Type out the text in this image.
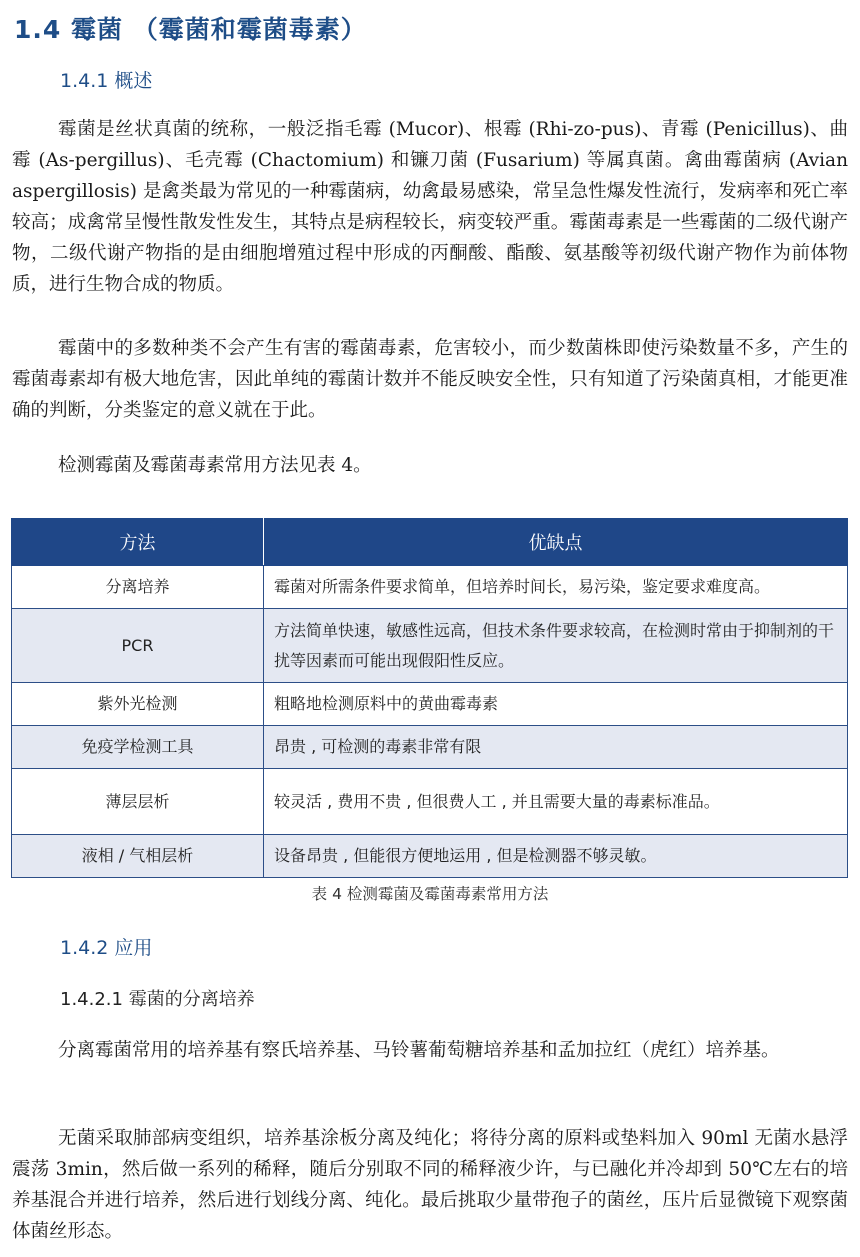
1.4 霉菌 （霉菌和霉菌毒素）
1.4.1 概述

霉菌是丝状真菌的统称，一般泛指毛霉 (Mucor)、根霉 (Rhi-zo-pus)、青霉 (Penicillus)、曲霉 (As-pergillus)、毛壳霉 (Chactomium) 和镰刀菌 (Fusarium) 等属真菌。禽曲霉菌病 (Avian aspergillosis) 是禽类最为常见的一种霉菌病，幼禽最易感染，常呈急性爆发性流行，发病率和死亡率较高；成禽常呈慢性散发性发生，其特点是病程较长，病变较严重。霉菌毒素是一些霉菌的二级代谢产物，二级代谢产物指的是由细胞增殖过程中形成的丙酮酸、酯酸、氨基酸等初级代谢产物作为前体物质，进行生物合成的物质。

霉菌中的多数种类不会产生有害的霉菌毒素，危害较小，而少数菌株即使污染数量不多，产生的霉菌毒素却有极大地危害，因此单纯的霉菌计数并不能反映安全性，只有知道了污染菌真相，才能更准确的判断，分类鉴定的意义就在于此。

检测霉菌及霉菌毒素常用方法见表 4。

方法	优缺点
分离培养	霉菌对所需条件要求简单，但培养时间长，易污染，鉴定要求难度高。
PCR	方法简单快速，敏感性远高，但技术条件要求较高，在检测时常由于抑制剂的干扰等因素而可能出现假阳性反应。
紫外光检测	粗略地检测原料中的黄曲霉毒素
免疫学检测工具	昂贵 , 可检测的毒素非常有限
薄层层析	较灵活 , 费用不贵 , 但很费人工 , 并且需要大量的毒素标准品。
液相 / 气相层析	设备昂贵 , 但能很方便地运用 , 但是检测器不够灵敏。
表 4 检测霉菌及霉菌毒素常用方法
1.4.2 应用
1.4.2.1 霉菌的分离培养

分离霉菌常用的培养基有察氏培养基、马铃薯葡萄糖培养基和孟加拉红（虎红）培养基。

无菌采取肺部病变组织，培养基涂板分离及纯化；将待分离的原料或垫料加入 90ml 无菌水悬浮震荡 3min，然后做一系列的稀释，随后分别取不同的稀释液少许，与已融化并冷却到 50℃左右的培养基混合并进行培养，然后进行划线分离、纯化。最后挑取少量带孢子的菌丝，压片后显微镜下观察菌体菌丝形态。
